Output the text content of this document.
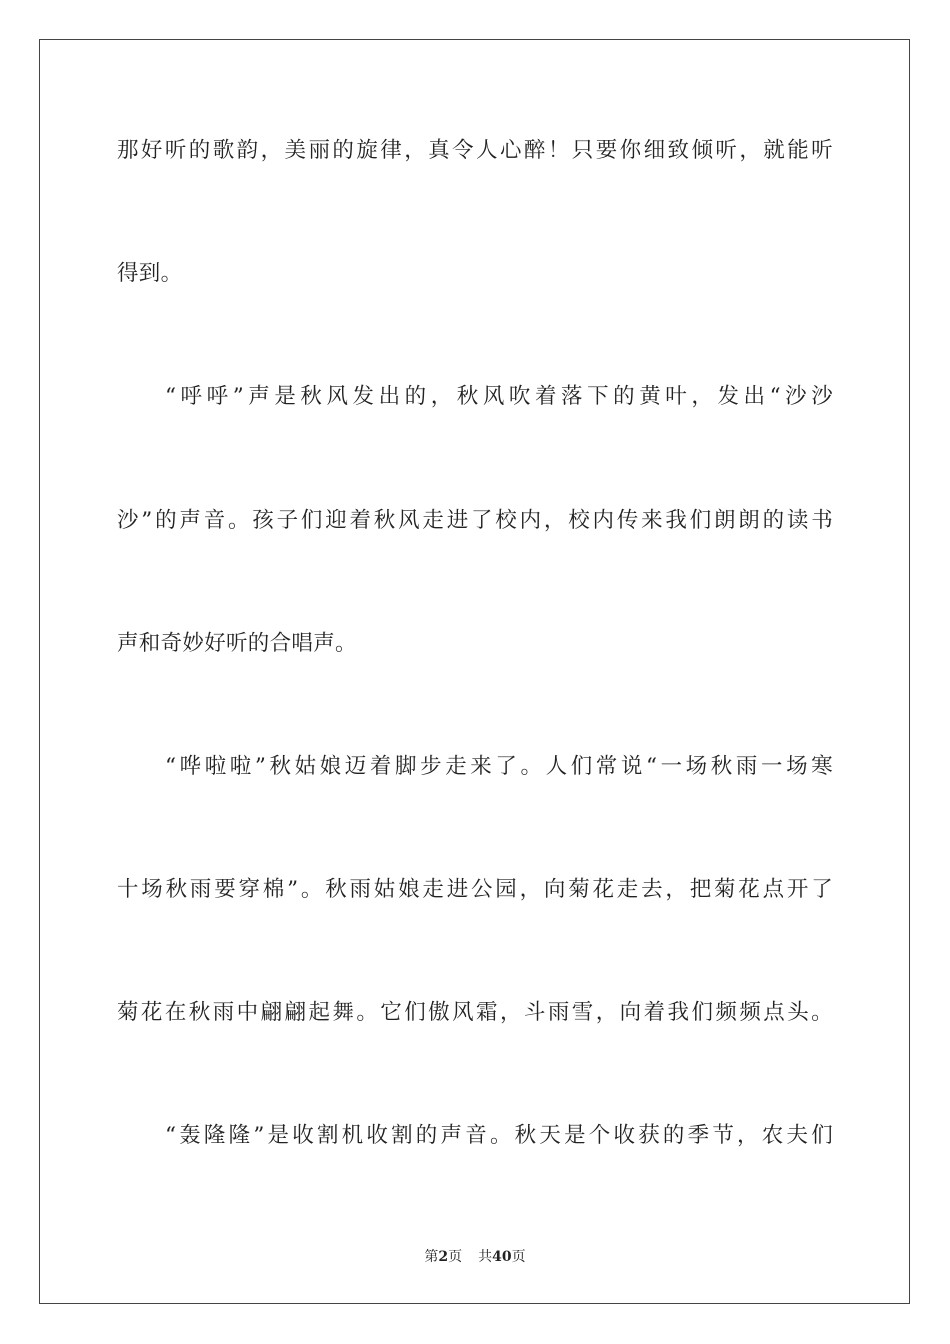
那好听的歌韵，美丽的旋律，真令人心醉！只要你细致倾听，就能听
得到。
“呼呼”声是秋风发出的，秋风吹着落下的黄叶，发出“沙沙
沙”的声音。孩子们迎着秋风走进了校内，校内传来我们朗朗的读书
声和奇妙好听的合唱声。
“哗啦啦”秋姑娘迈着脚步走来了。人们常说“一场秋雨一场寒
十场秋雨要穿棉”。秋雨姑娘走进公园，向菊花走去，把菊花点开了
菊花在秋雨中翩翩起舞。它们傲风霜，斗雨雪，向着我们频频点头。
“轰隆隆”是收割机收割的声音。秋天是个收获的季节，农夫们
第2页 共40页
